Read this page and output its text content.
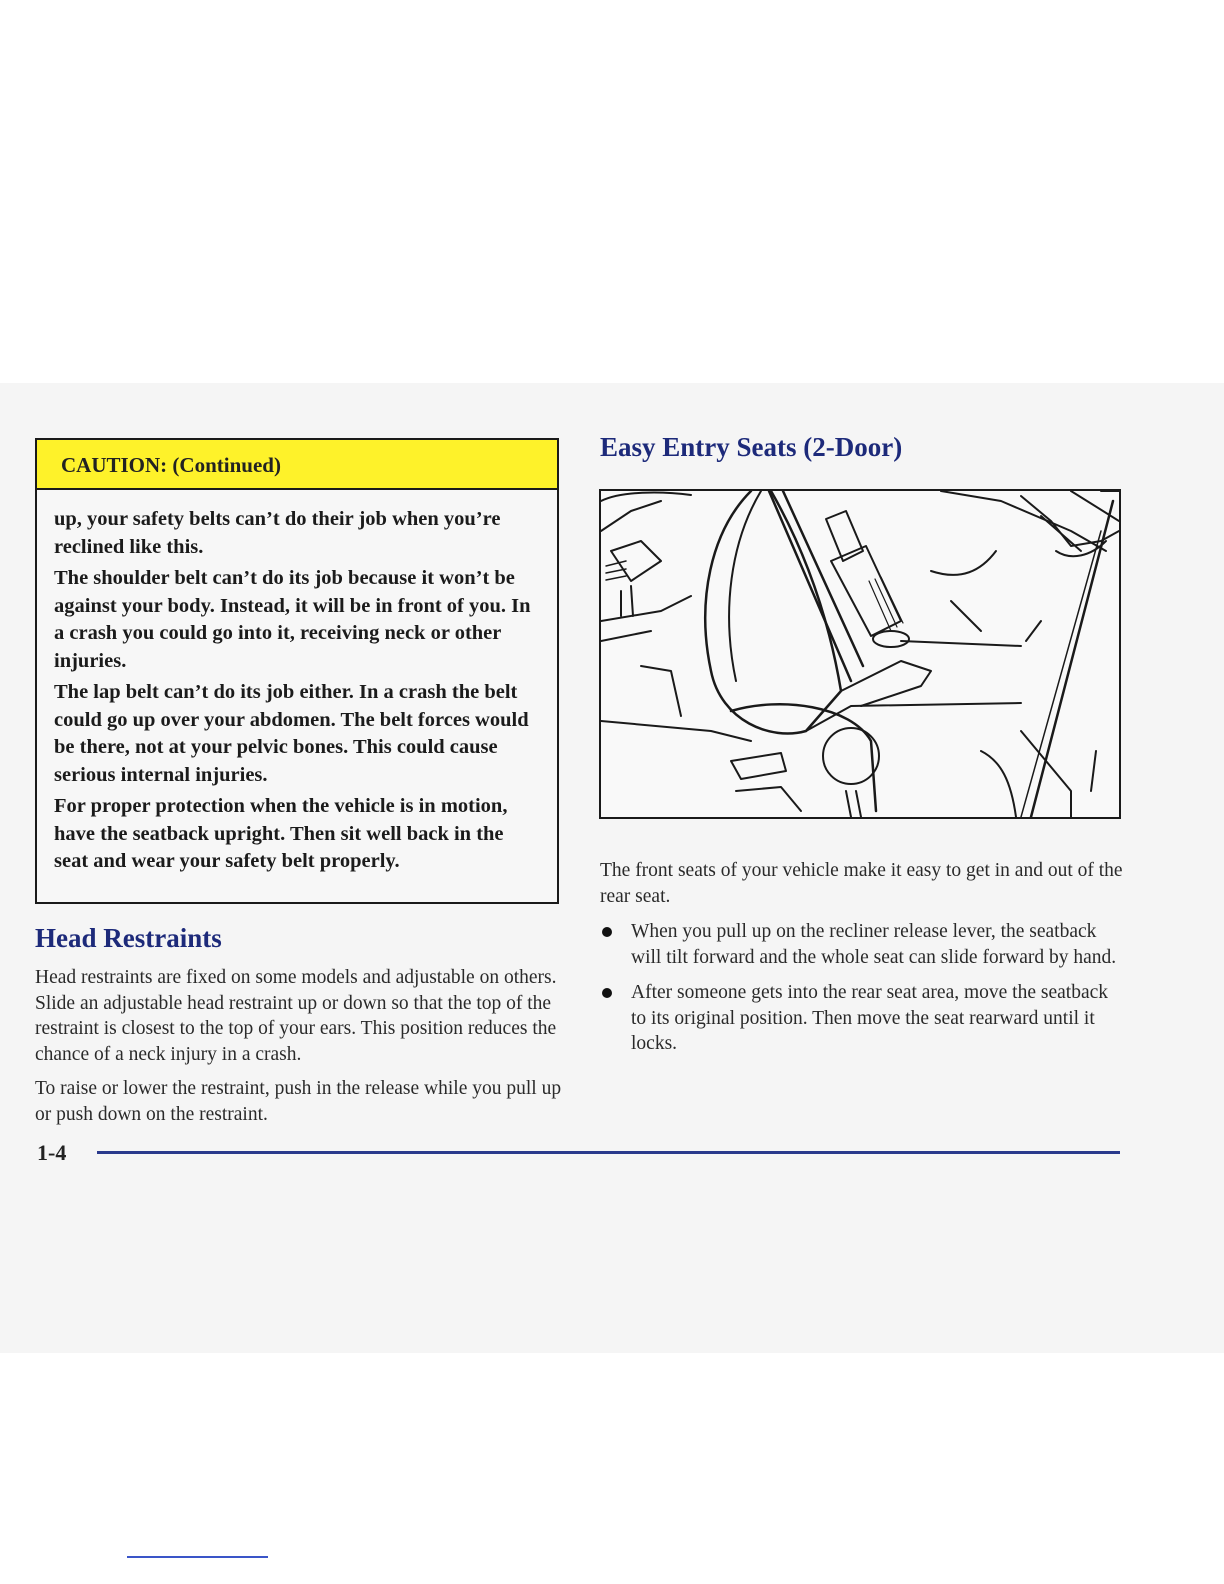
CAUTION: (Continued)

up, your safety belts can’t do their job when you’re reclined like this.

The shoulder belt can’t do its job because it won’t be against your body. Instead, it will be in front of you. In a crash you could go into it, receiving neck or other injuries.

The lap belt can’t do its job either. In a crash the belt could go up over your abdomen. The belt forces would be there, not at your pelvic bones. This could cause serious internal injuries.

For proper protection when the vehicle is in motion, have the seatback upright. Then sit well back in the seat and wear your safety belt properly.

Head Restraints

Head restraints are fixed on some models and adjustable on others. Slide an adjustable head restraint up or down so that the top of the restraint is closest to the top of your ears. This position reduces the chance of a neck injury in a crash.

To raise or lower the restraint, push in the release while you pull up or push down on the restraint.

Easy Entry Seats (2-Door)

The front seats of your vehicle make it easy to get in and out of the rear seat.

When you pull up on the recliner release lever, the seatback will tilt forward and the whole seat can slide forward by hand.
After someone gets into the rear seat area, move the seatback to its original position. Then move the seat rearward until it locks.
1-4
